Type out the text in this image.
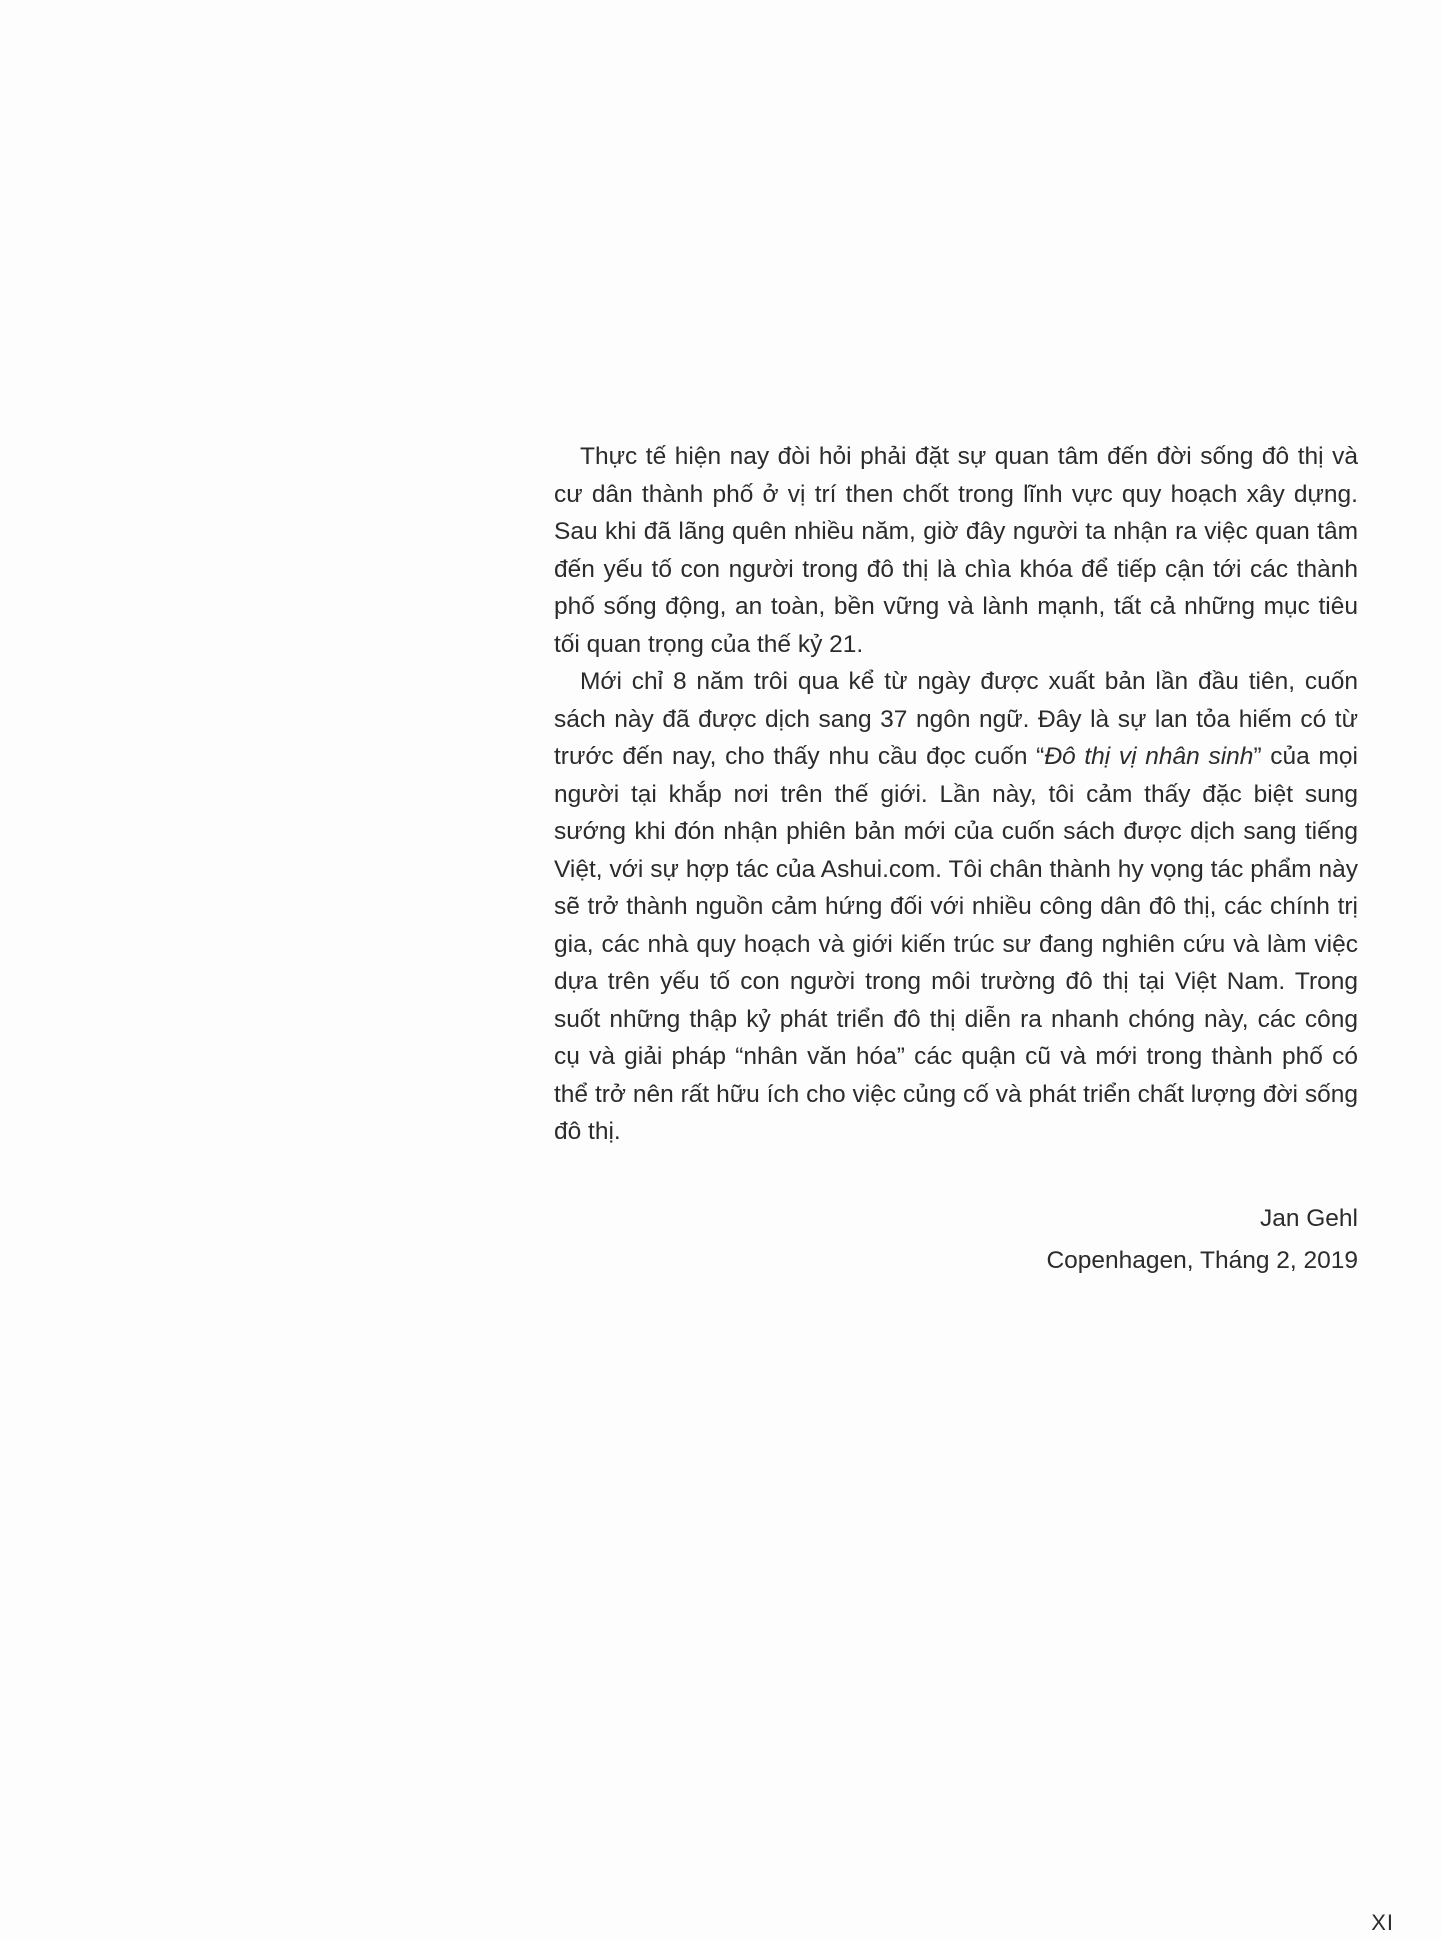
Thực tế hiện nay đòi hỏi phải đặt sự quan tâm đến đời sống đô thị và cư dân thành phố ở vị trí then chốt trong lĩnh vực quy hoạch xây dựng. Sau khi đã lãng quên nhiều năm, giờ đây người ta nhận ra việc quan tâm đến yếu tố con người trong đô thị là chìa khóa để tiếp cận tới các thành phố sống động, an toàn, bền vững và lành mạnh, tất cả những mục tiêu tối quan trọng của thế kỷ 21.

Mới chỉ 8 năm trôi qua kể từ ngày được xuất bản lần đầu tiên, cuốn sách này đã được dịch sang 37 ngôn ngữ. Đây là sự lan tỏa hiếm có từ trước đến nay, cho thấy nhu cầu đọc cuốn “Đô thị vị nhân sinh” của mọi người tại khắp nơi trên thế giới. Lần này, tôi cảm thấy đặc biệt sung sướng khi đón nhận phiên bản mới của cuốn sách được dịch sang tiếng Việt, với sự hợp tác của Ashui.com. Tôi chân thành hy vọng tác phẩm này sẽ trở thành nguồn cảm hứng đối với nhiều công dân đô thị, các chính trị gia, các nhà quy hoạch và giới kiến trúc sư đang nghiên cứu và làm việc dựa trên yếu tố con người trong môi trường đô thị tại Việt Nam. Trong suốt những thập kỷ phát triển đô thị diễn ra nhanh chóng này, các công cụ và giải pháp “nhân văn hóa” các quận cũ và mới trong thành phố có thể trở nên rất hữu ích cho việc củng cố và phát triển chất lượng đời sống đô thị.

Jan Gehl
Copenhagen, Tháng 2, 2019
XI
